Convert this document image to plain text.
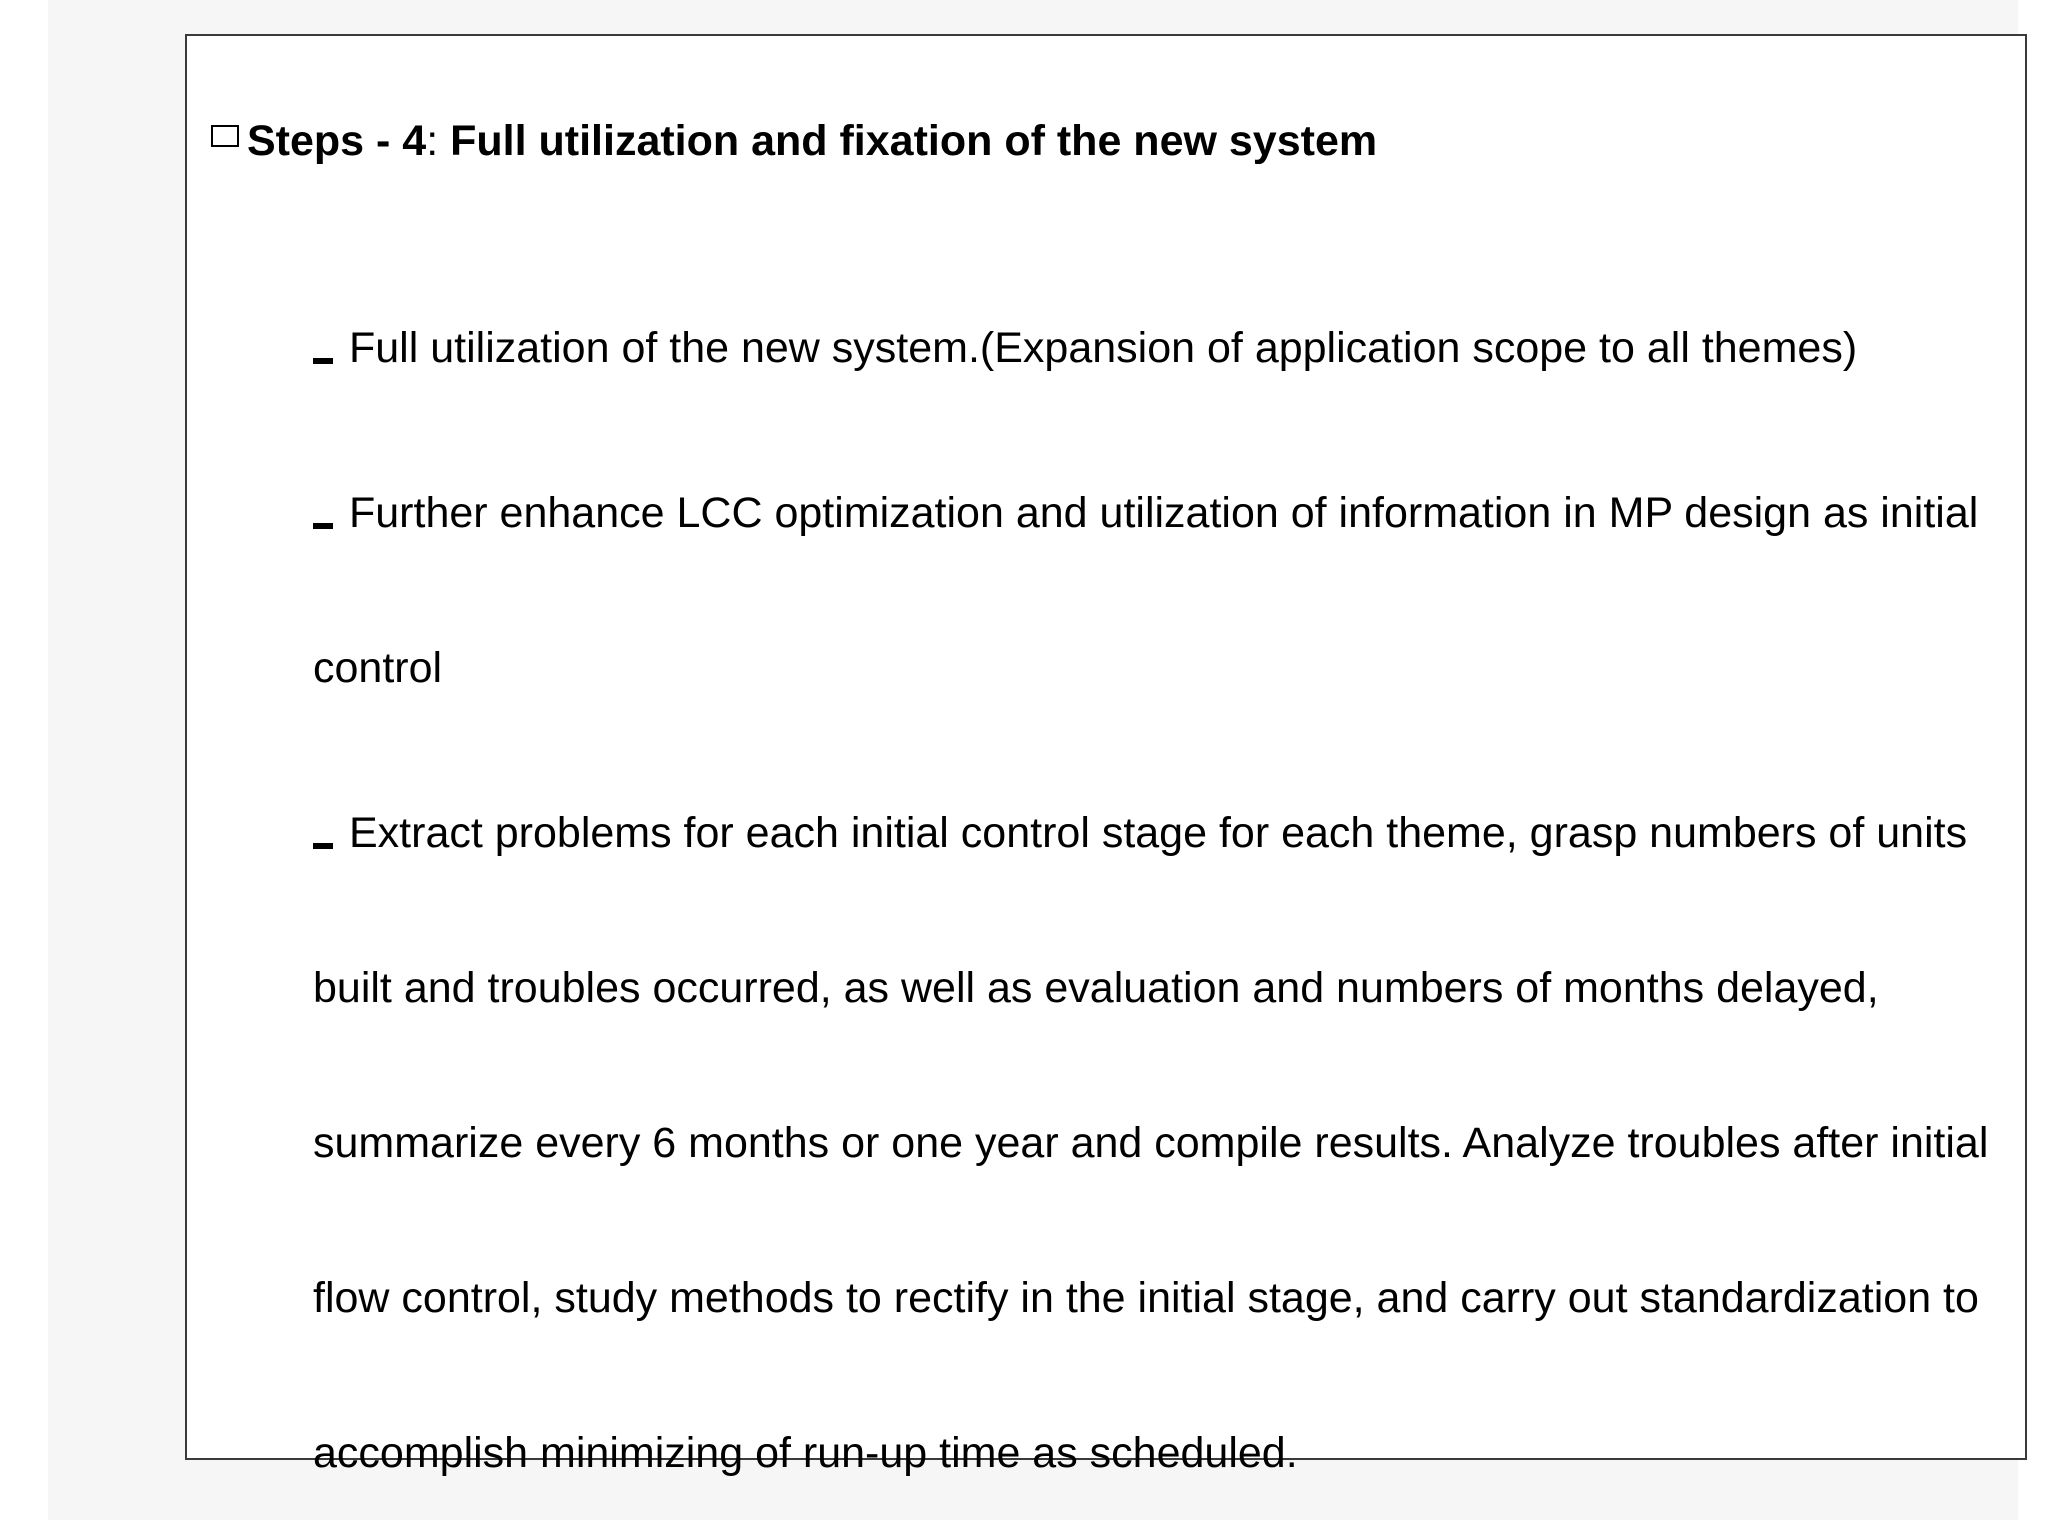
Steps - 4: Full utilization and fixation of the new system
Full utilization of the new system.(Expansion of application scope to all themes)
Further enhance LCC optimization and utilization of information in MP design as initial control
Extract problems for each initial control stage for each theme, grasp numbers of units built and troubles occurred, as well as evaluation and numbers of months delayed, summarize every 6 months or one year and compile results. Analyze troubles after initial flow control, study methods to rectify in the initial stage, and carry out standardization to accomplish minimizing of run-up time as scheduled.
